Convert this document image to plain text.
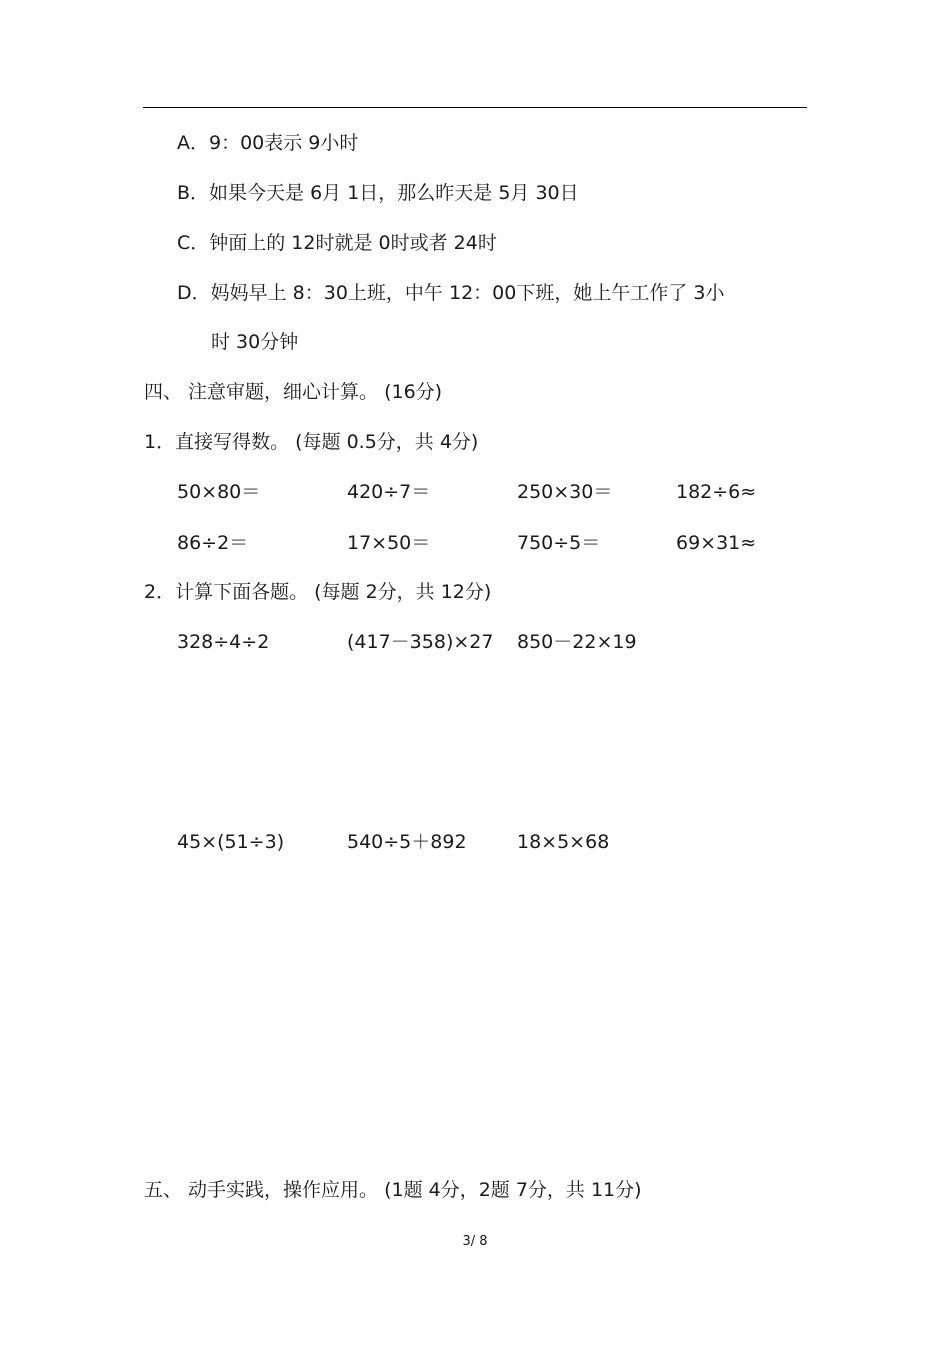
A．9：00表示 9小时
B．如果今天是 6月 1日，那么昨天是 5月 30日
C．钟面上的 12时就是 0时或者 24时
D．妈妈早上 8：30上班，中午 12：00下班，她上午工作了 3小
时 30分钟
四、 注意审题，细心计算。 (16分)
1．直接写得数。 (每题 0.5分，共 4分)
50×80＝	420÷7＝	250×30＝	182÷6≈
86÷2＝	17×50＝	750÷5＝	69×31≈
2．计算下面各题。 (每题 2分，共 12分)
328÷4÷2	(417－358)×27 850－22×19
45×(51÷3)	540÷5＋892	18×5×68
五、 动手实践，操作应用。 (1题 4分，2题 7分，共 11分)
3/ 8
